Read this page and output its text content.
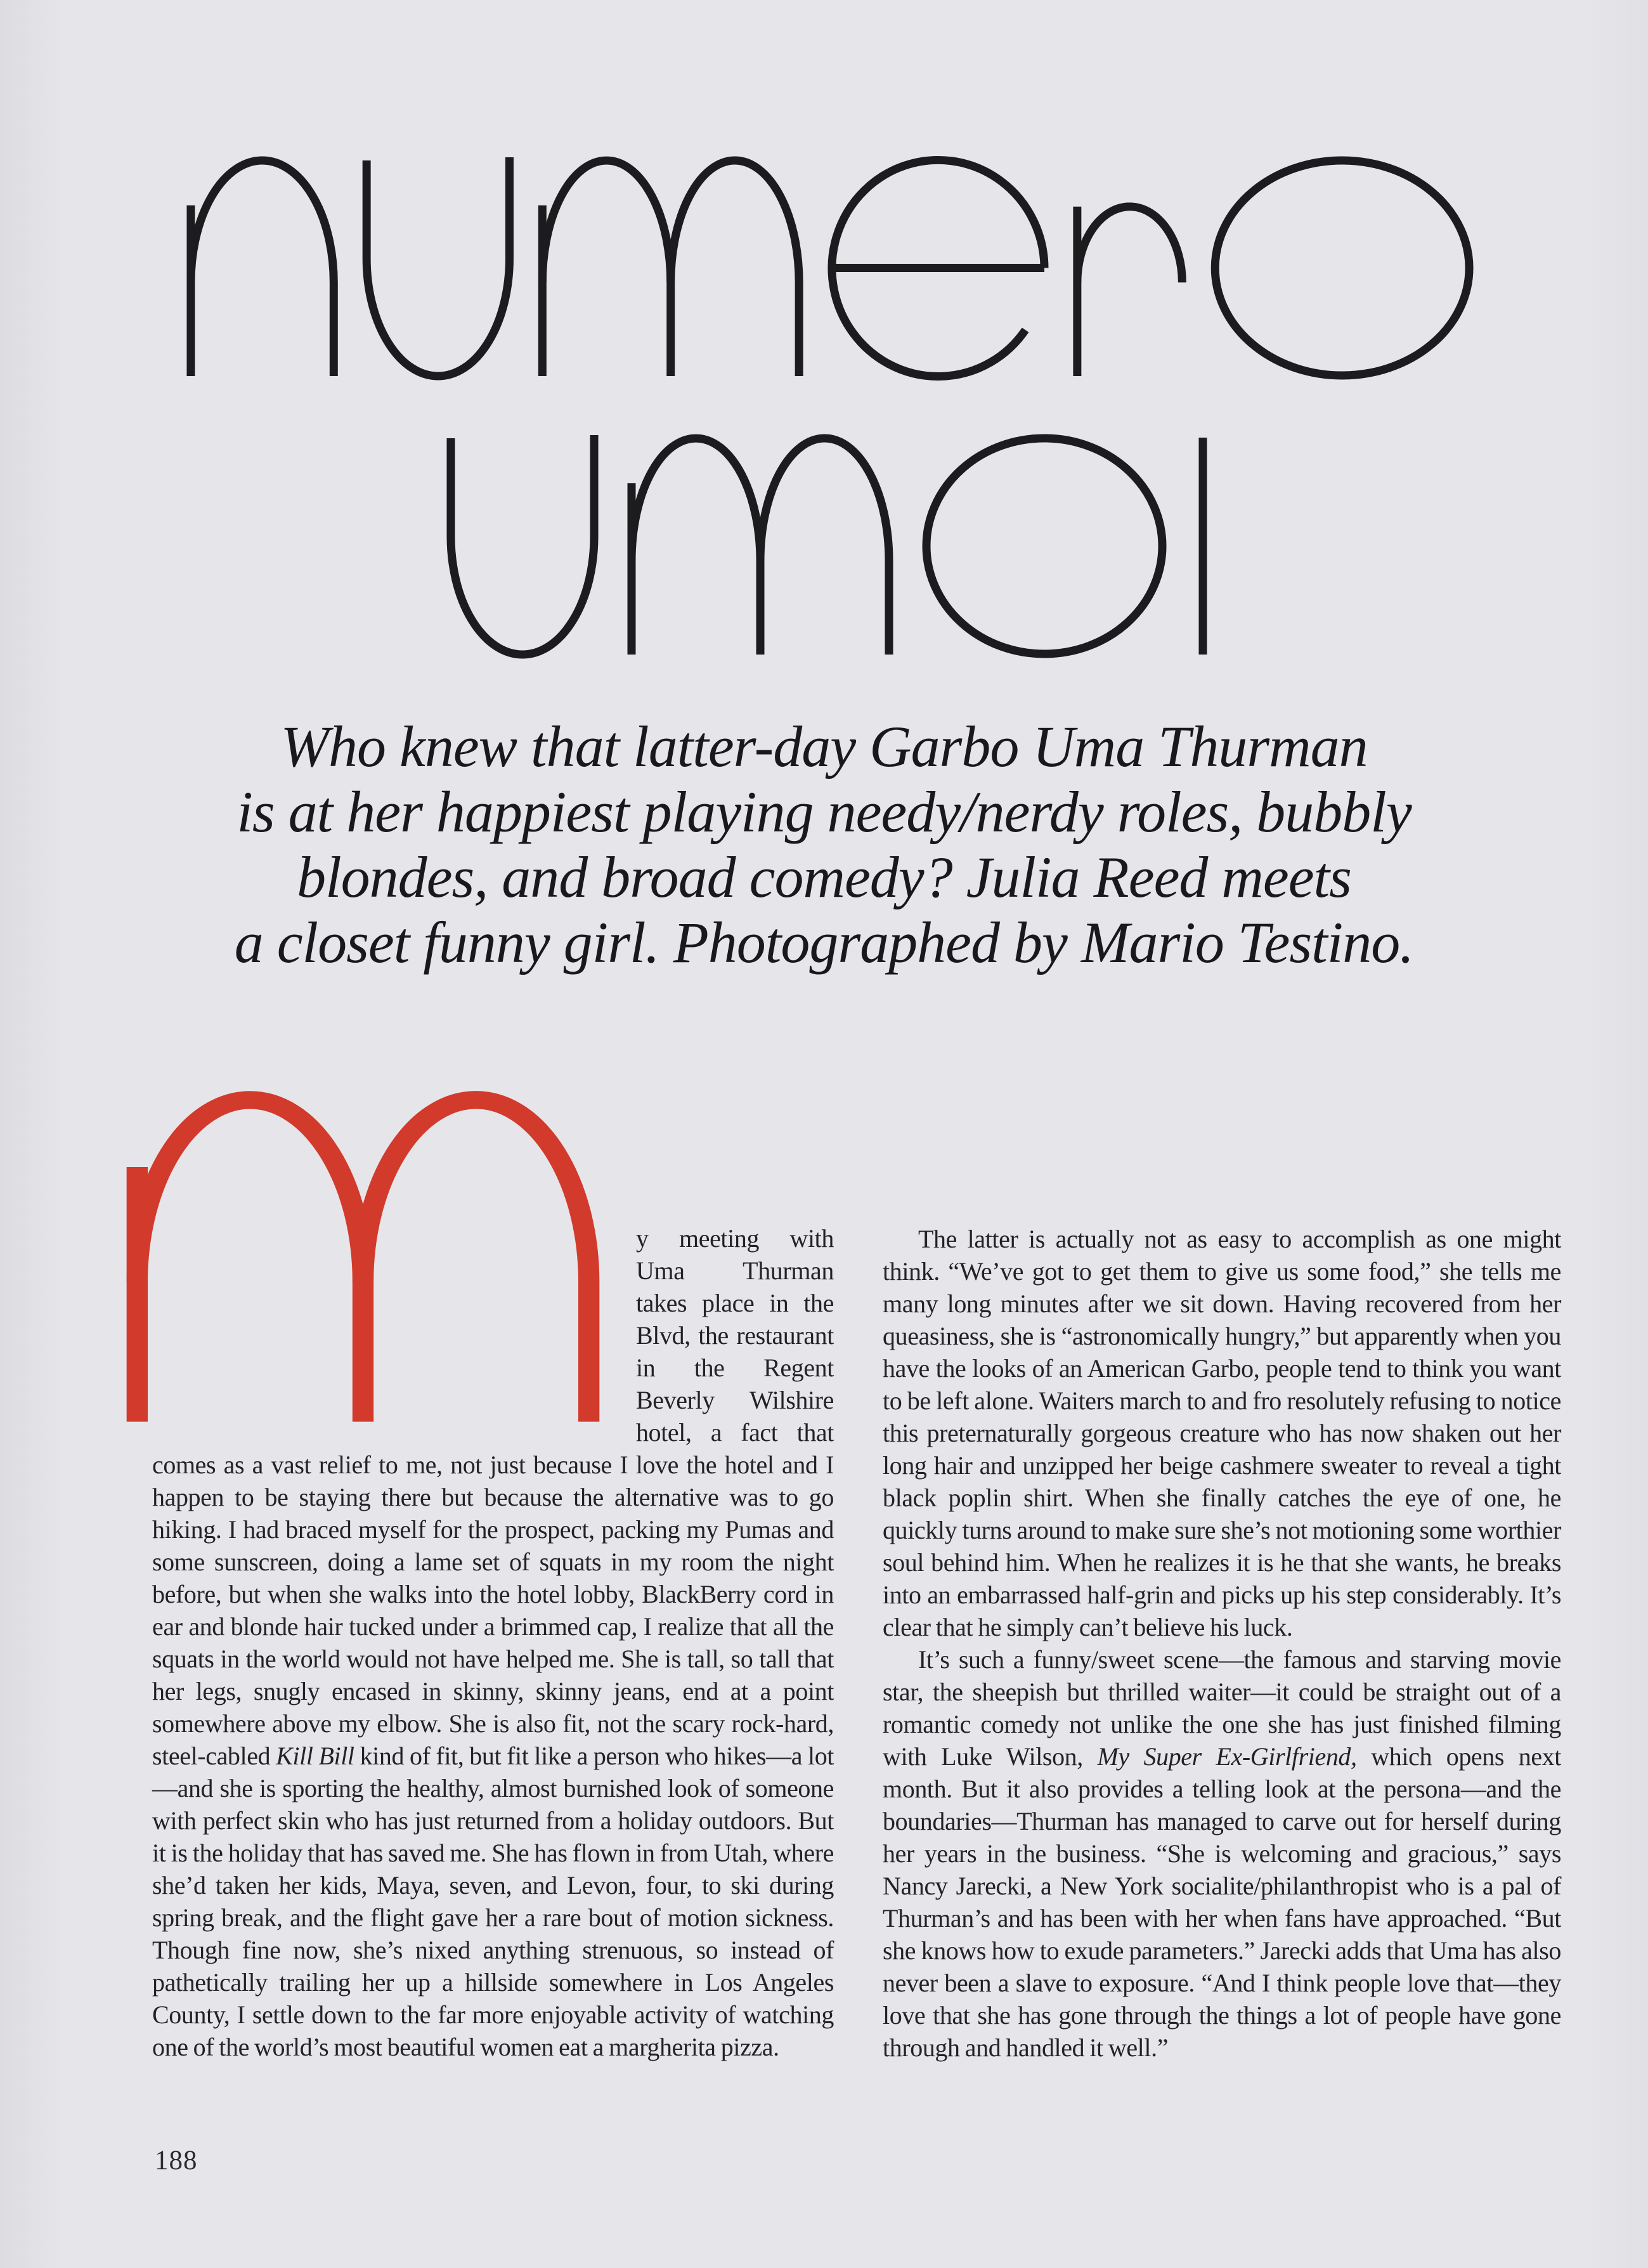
Who knew that latter-day Garbo Uma Thurman
is at her happiest playing needy/nerdy roles, bubbly
blondes, and broad comedy? Julia Reed meets
a closet funny girl. Photographed by Mario Testino.

y meeting with Uma Thurman takes place in the Blvd, the restaurant in the Regent Beverly Wilshire hotel, a fact that comes as a vast relief to me, not just because I love the hotel and I happen to be staying there but because the alternative was to go hiking. I had braced myself for the prospect, packing my Pumas and some sunscreen, doing a lame set of squats in my room the night before, but when she walks into the hotel lobby, BlackBerry cord in ear and blonde hair tucked under a brimmed cap, I realize that all the squats in the world would not have helped me. She is tall, so tall that her legs, snugly encased in skinny, skinny jeans, end at a point somewhere above my elbow. She is also fit, not the scary rock-hard, steel-cabled Kill Bill kind of fit, but fit like a person who hikes—a lot—and she is sporting the healthy, almost burnished look of someone with perfect skin who has just returned from a holiday outdoors. But it is the holiday that has saved me. She has flown in from Utah, where she’d taken her kids, Maya, seven, and Levon, four, to ski during spring break, and the flight gave her a rare bout of motion sickness. Though fine now, she’s nixed anything strenuous, so instead of pathetically trailing her up a hillside somewhere in Los Angeles County, I settle down to the far more enjoyable activity of watching one of the world’s most beautiful women eat a margherita pizza.

The latter is actually not as easy to accomplish as one might think. “We’ve got to get them to give us some food,” she tells me many long minutes after we sit down. Having recovered from her queasiness, she is “astronomically hungry,” but apparently when you have the looks of an American Garbo, people tend to think you want to be left alone. Waiters march to and fro resolutely refusing to notice this preternaturally gorgeous creature who has now shaken out her long hair and unzipped her beige cashmere sweater to reveal a tight black poplin shirt. When she finally catches the eye of one, he quickly turns around to make sure she’s not motioning some worthier soul behind him. When he realizes it is he that she wants, he breaks into an embarrassed half-grin and picks up his step considerably. It’s clear that he simply can’t believe his luck.

It’s such a funny/sweet scene—the famous and starving movie star, the sheepish but thrilled waiter—it could be straight out of a romantic comedy not unlike the one she has just finished filming with Luke Wilson, My Super Ex-Girlfriend, which opens next month. But it also provides a telling look at the persona—and the boundaries—Thurman has managed to carve out for herself during her years in the business. “She is welcoming and gracious,” says Nancy Jarecki, a New York socialite/philanthropist who is a pal of Thurman’s and has been with her when fans have approached. “But she knows how to exude parameters.” Jarecki adds that Uma has also never been a slave to exposure. “And I think people love that—they love that she has gone through the things a lot of people have gone through and handled it well.”

188
